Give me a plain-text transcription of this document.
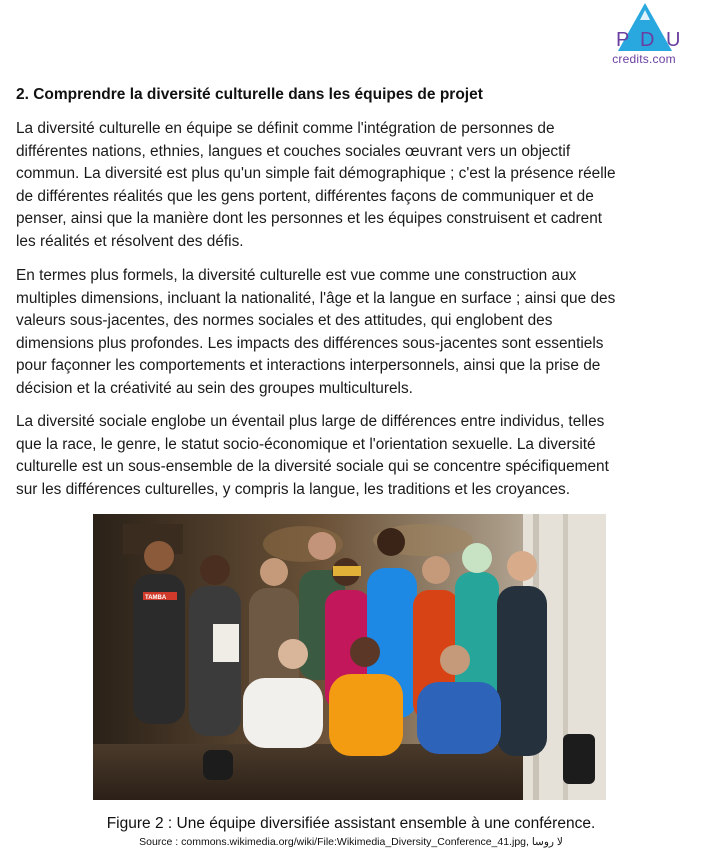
P D U
credits.com
2. Comprendre la diversité culturelle dans les équipes de projet
La diversité culturelle en équipe se définit comme l'intégration de personnes de
différentes nations, ethnies, langues et couches sociales œuvrant vers un objectif
commun. La diversité est plus qu'un simple fait démographique ; c'est la présence réelle
de différentes réalités que les gens portent, différentes façons de communiquer et de
penser, ainsi que la manière dont les personnes et les équipes construisent et cadrent
les réalités et résolvent des défis.
En termes plus formels, la diversité culturelle est vue comme une construction aux
multiples dimensions, incluant la nationalité, l'âge et la langue en surface ; ainsi que des
valeurs sous-jacentes, des normes sociales et des attitudes, qui englobent des
dimensions plus profondes. Les impacts des différences sous-jacentes sont essentiels
pour façonner les comportements et interactions interpersonnels, ainsi que la prise de
décision et la créativité au sein des groupes multiculturels.
La diversité sociale englobe un éventail plus large de différences entre individus, telles
que la race, le genre, le statut socio-économique et l'orientation sexuelle. La diversité
culturelle est un sous-ensemble de la diversité sociale qui se concentre spécifiquement
sur les différences culturelles, y compris la langue, les traditions et les croyances.
TAMBA
Figure 2 : Une équipe diversifiée assistant ensemble à une conférence.
Source : commons.wikimedia.org/wiki/File:Wikimedia_Diversity_Conference_41.jpg, لا روسا
